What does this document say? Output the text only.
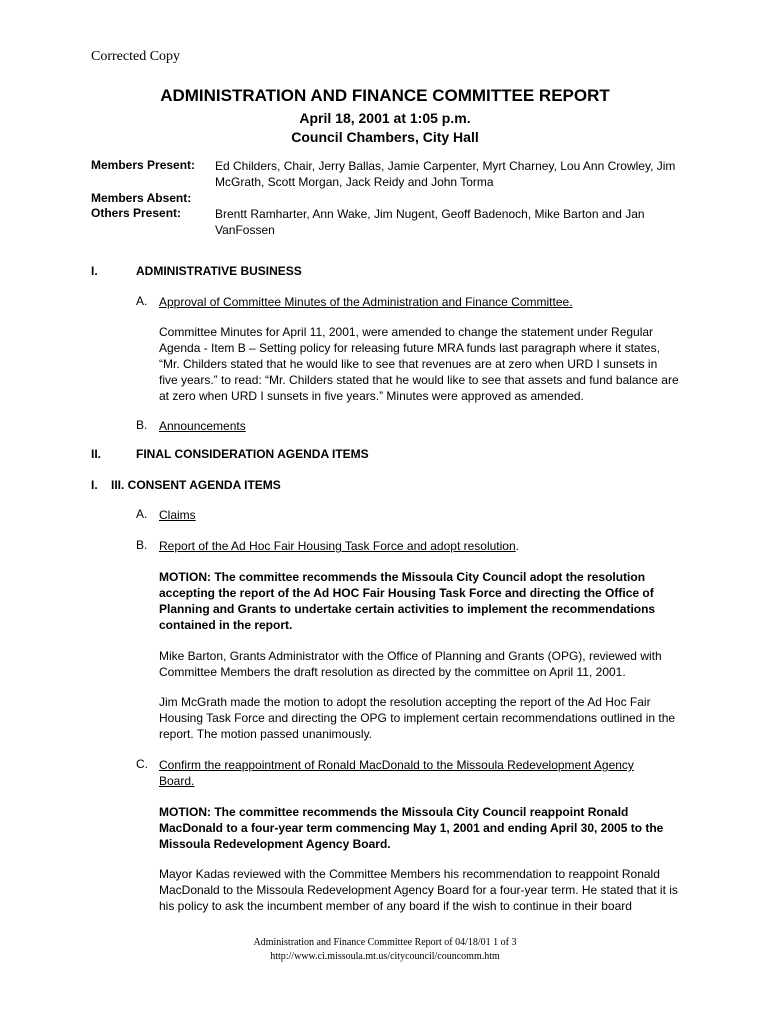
Corrected Copy
ADMINISTRATION AND FINANCE COMMITTEE REPORT
April 18, 2001 at 1:05 p.m.
Council Chambers, City Hall
Members Present: Ed Childers, Chair, Jerry Ballas, Jamie Carpenter, Myrt Charney, Lou Ann Crowley, Jim McGrath, Scott Morgan, Jack Reidy and John Torma
Members Absent:
Others Present:	Brentt Ramharter, Ann Wake, Jim Nugent, Geoff Badenoch, Mike Barton and Jan VanFossen
I.	ADMINISTRATIVE BUSINESS
A. Approval of Committee Minutes of the Administration and Finance Committee.
Committee Minutes for April 11, 2001, were amended to change the statement under Regular Agenda - Item B – Setting policy for releasing future MRA funds last paragraph where it states, “Mr. Childers stated that he would like to see that revenues are at zero when URD I sunsets in five years.” to read: “Mr. Childers stated that he would like to see that assets and fund balance are at zero when URD I sunsets in five years.” Minutes were approved as amended.
B. Announcements
II.	FINAL CONSIDERATION AGENDA ITEMS
I. III. CONSENT AGENDA ITEMS
A. Claims
B. Report of the Ad Hoc Fair Housing Task Force and adopt resolution.
MOTION: The committee recommends the Missoula City Council adopt the resolution accepting the report of the Ad HOC Fair Housing Task Force and directing the Office of Planning and Grants to undertake certain activities to implement the recommendations contained in the report.
Mike Barton, Grants Administrator with the Office of Planning and Grants (OPG), reviewed with Committee Members the draft resolution as directed by the committee on April 11, 2001.
Jim McGrath made the motion to adopt the resolution accepting the report of the Ad Hoc Fair Housing Task Force and directing the OPG to implement certain recommendations outlined in the report. The motion passed unanimously.
C. Confirm the reappointment of Ronald MacDonald to the Missoula Redevelopment Agency Board.
MOTION: The committee recommends the Missoula City Council reappoint Ronald MacDonald to a four-year term commencing May 1, 2001 and ending April 30, 2005 to the Missoula Redevelopment Agency Board.
Mayor Kadas reviewed with the Committee Members his recommendation to reappoint Ronald MacDonald to the Missoula Redevelopment Agency Board for a four-year term. He stated that it is his policy to ask the incumbent member of any board if the wish to continue in their board
Administration and Finance Committee Report of 04/18/01 1 of 3
http://www.ci.missoula.mt.us/citycouncil/councomm.htm
